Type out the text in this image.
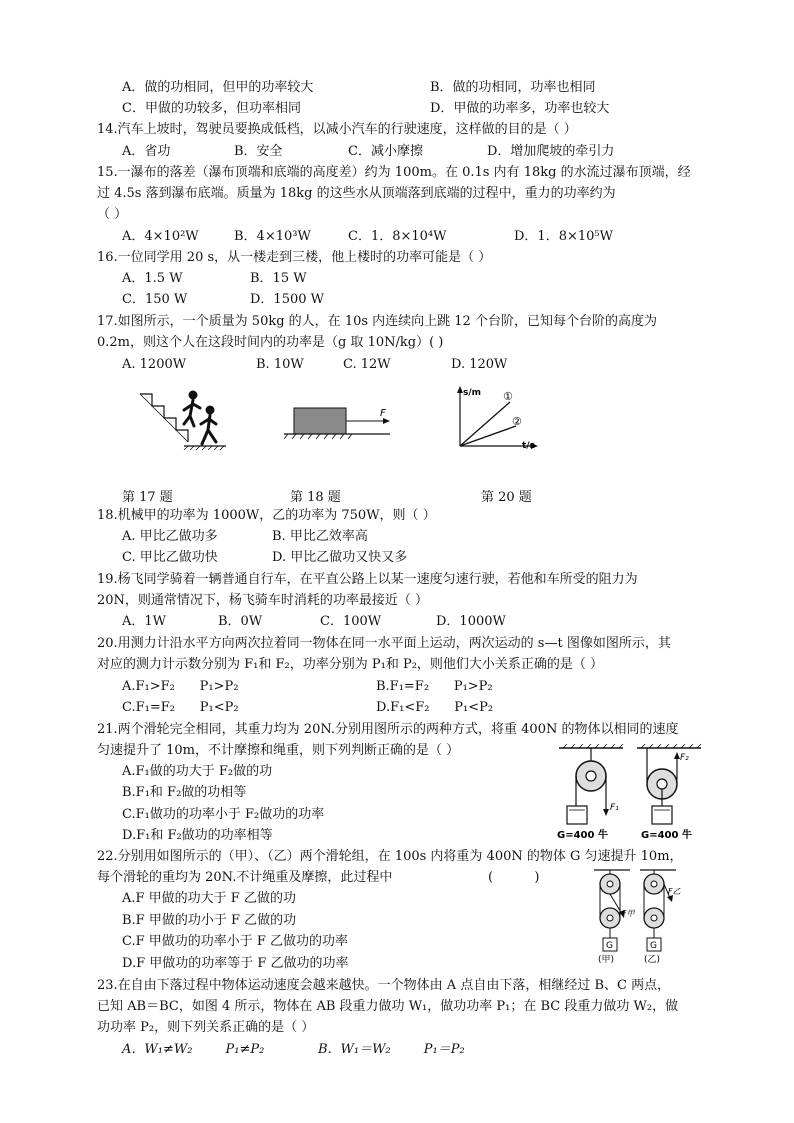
A．做的功相同，但甲的功率较大	B．做的功相同，功率也相同
C．甲做的功较多，但功率相同	D．甲做的功率多，功率也较大
14.汽车上坡时，驾驶员要换成低档，以减小汽车的行驶速度，这样做的目的是（ ）
A．省功	B．安全	C．减小摩擦	D．增加爬坡的牵引力
15.一瀑布的落差（瀑布顶端和底端的高度差）约为 100m。在 0.1s 内有 18kg 的水流过瀑布顶端，经
过 4.5s 落到瀑布底端。质量为 18kg 的这些水从顶端落到底端的过程中，重力的功率约为
（ ）
A．4×10²W	B．4×10³W	C．1．8×10⁴W	D．1．8×10⁵W
16.一位同学用 20 s，从一楼走到三楼，他上楼时的功率可能是（ ）
A．1.5 W	B．15 W
C．150 W	D．1500 W
17.如图所示，一个质量为 50kg 的人，在 10s 内连续向上跳 12 个台阶，已知每个台阶的高度为
0.2m，则这个人在这段时间内的功率是（g 取 10N/kg）( )
A. 1200W	B. 10W	C. 12W	D. 120W
F
s/m
t/s
①
②
第 17 题	第 18 题	第 20 题
18.机械甲的功率为 1000W，乙的功率为 750W，则（ ）
A. 甲比乙做功多	B. 甲比乙效率高
C. 甲比乙做功快	D. 甲比乙做功又快又多
19.杨飞同学骑着一辆普通自行车，在平直公路上以某一速度匀速行驶，若他和车所受的阻力为
20N，则通常情况下，杨飞骑车时消耗的功率最接近（ ）
A．1W	B．0W	C．100W	D．1000W
20.用测力计沿水平方向两次拉着同一物体在同一水平面上运动，两次运动的 s—t 图像如图所示，其
对应的测力计示数分别为 F₁和 F₂，功率分别为 P₁和 P₂，则他们大小关系正确的是（ ）
A.F₁>F₂      P₁>P₂	B.F₁=F₂      P₁>P₂
C.F₁=F₂      P₁<P₂	D.F₁<F₂      P₁<P₂
21.两个滑轮完全相同，其重力均为 20N.分别用图所示的两种方式，将重 400N 的物体以相同的速度
匀速提升了 10m，不计摩擦和绳重，则下列判断正确的是（ ）
A.F₁做的功大于 F₂做的功
B.F₁和 F₂做的功相等
C.F₁做功的功率小于 F₂做功的功率
D.F₁和 F₂做功的功率相等
F₁
G=400 牛
F₂
G=400 牛
22.分别用如图所示的（甲）、（乙）两个滑轮组，在 100s 内将重为 400N 的物体 G 匀速提升 10m，
每个滑轮的重均为 20N.不计绳重及摩擦，此过程中	(          )
A.F 甲做的功大于 F 乙做的功
B.F 甲做的功小于 F 乙做的功
C.F 甲做功的功率小于 F 乙做功的功率
D.F 甲做功的功率等于 F 乙做功的功率
G
F甲
(甲)
G
F乙
(乙)
23.在自由下落过程中物体运动速度会越来越快。一个物体由 A 点自由下落，相继经过 B、C 两点，
已知 AB＝BC，如图 4 所示，物体在 AB 段重力做功 W₁，做功功率 P₁；在 BC 段重力做功 W₂，做
功功率 P₂，则下列关系正确的是（ ）
A．W₁≠W₂        P₁≠P₂	B．W₁＝W₂        P₁＝P₂
